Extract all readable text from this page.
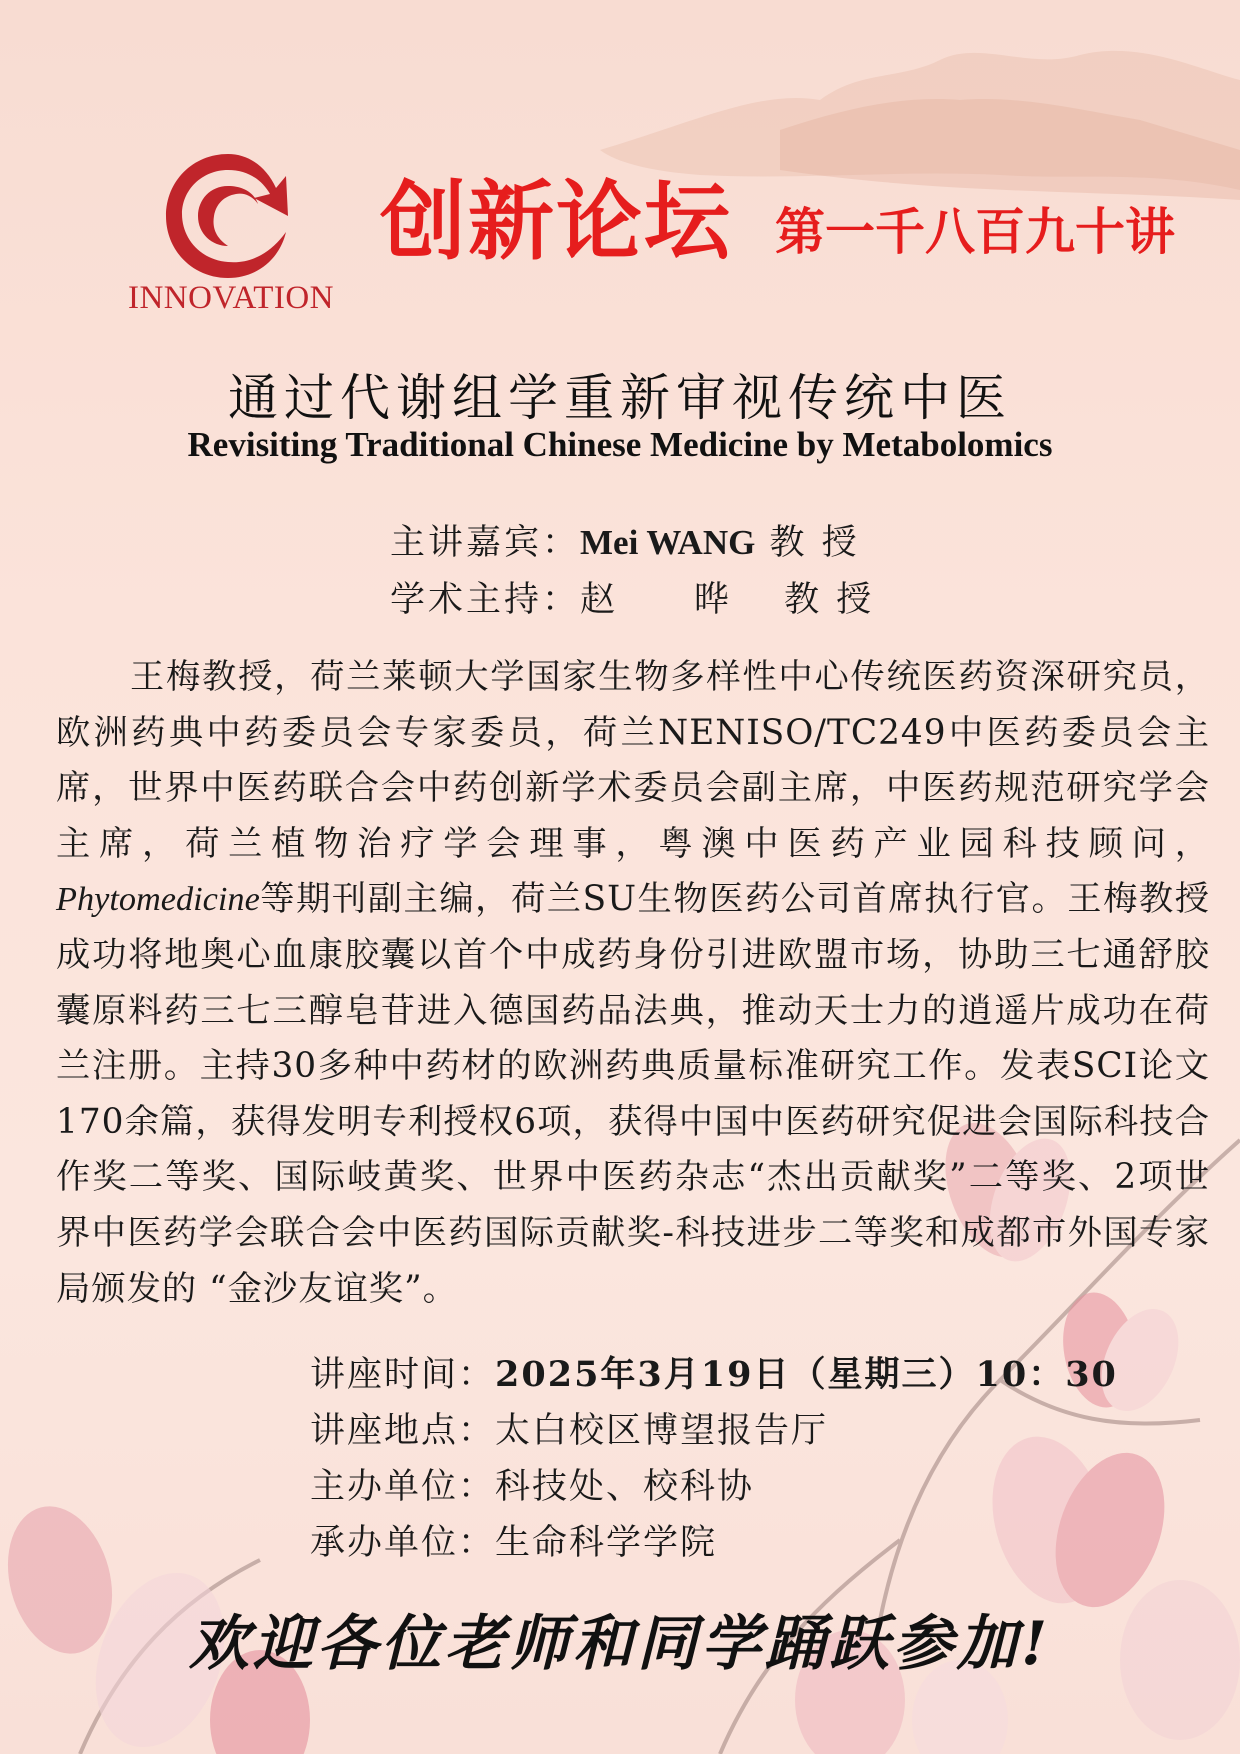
INNOVATION
创新论坛 第一千八百九十讲
通过代谢组学重新审视传统中医
Revisiting Traditional Chinese Medicine by Metabolomics
主讲嘉宾：Mei WANG 教 授
学术主持：赵　　晔　 教 授
王梅教授，荷兰莱顿大学国家生物多样性中心传统医药资深研究员，欧洲药典中药委员会专家委员，荷兰NENISO/TC249中医药委员会主席，世界中医药联合会中药创新学术委员会副主席，中医药规范研究学会主席，荷兰植物治疗学会理事，粤澳中医药产业园科技顾问，Phytomedicine等期刊副主编，荷兰SU生物医药公司首席执行官。王梅教授成功将地奥心血康胶囊以首个中成药身份引进欧盟市场，协助三七通舒胶囊原料药三七三醇皂苷进入德国药品法典，推动天士力的逍遥片成功在荷兰注册。主持30多种中药材的欧洲药典质量标准研究工作。发表SCI论文170余篇，获得发明专利授权6项，获得中国中医药研究促进会国际科技合作奖二等奖、国际岐黄奖、世界中医药杂志“杰出贡献奖”二等奖、2项世界中医药学会联合会中医药国际贡献奖-科技进步二等奖和成都市外国专家局颁发的 “金沙友谊奖”。
讲座时间：2025年3月19日（星期三）10：30
讲座地点：太白校区博望报告厅
主办单位：科技处、校科协
承办单位：生命科学学院
欢迎各位老师和同学踊跃参加!
